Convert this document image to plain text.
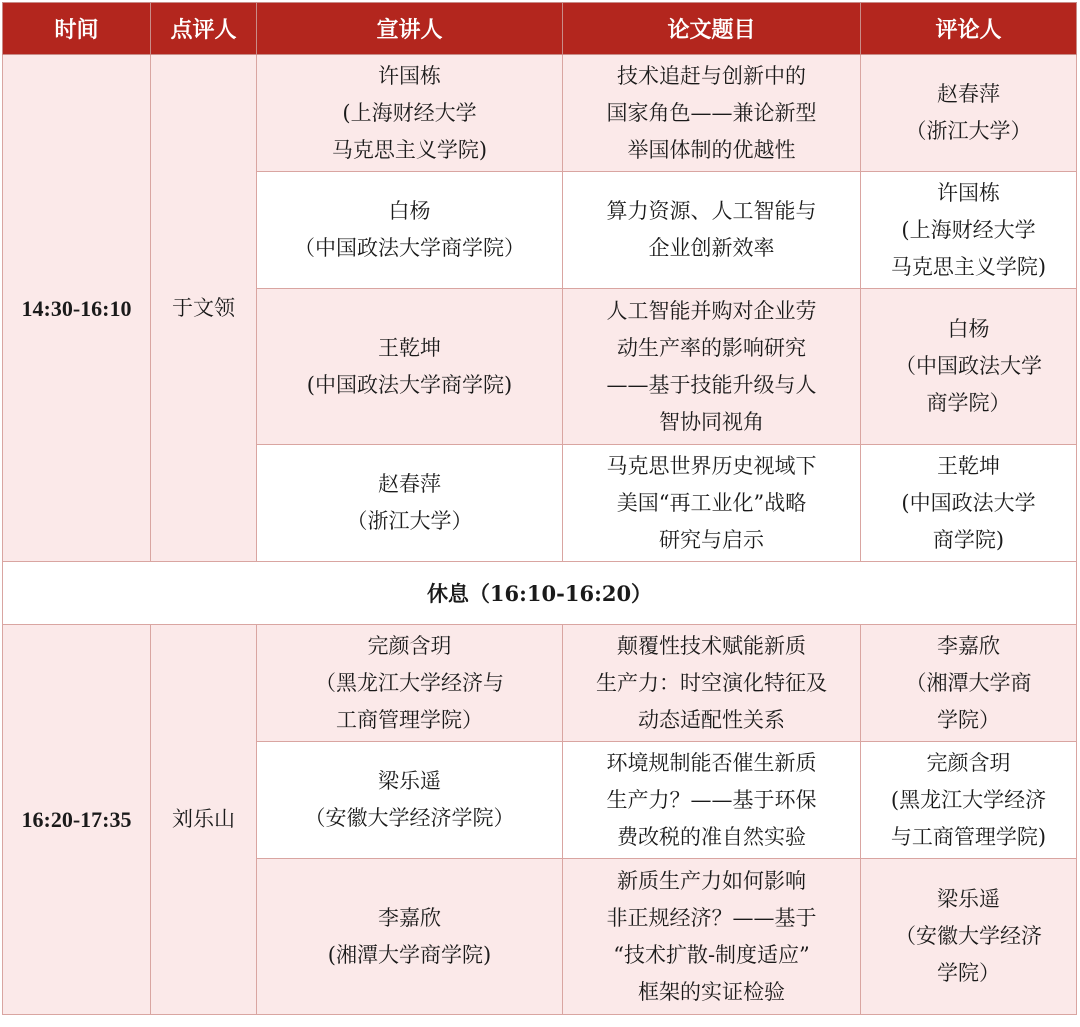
时间	点评人	宣讲人	论文题目	评论人
14:30-16:10	于文领	许国栋
(上海财经大学
马克思主义学院)	技术追赶与创新中的
国家角色——兼论新型
举国体制的优越性	赵春萍
（浙江大学）

		白杨
（中国政法大学商学院）	算力资源、人工智能与
企业创新效率	许国栋
(上海财经大学
马克思主义学院)

		王乾坤
(中国政法大学商学院)	人工智能并购对企业劳
动生产率的影响研究
——基于技能升级与人
智协同视角	白杨
（中国政法大学
商学院）

		赵春萍
（浙江大学）	马克思世界历史视域下
美国“再工业化”战略
研究与启示	王乾坤
(中国政法大学
商学院)

休息（16:10-16:20）				
16:20-17:35	刘乐山	完颜含玥
（黑龙江大学经济与
工商管理学院）	颠覆性技术赋能新质
生产力：时空演化特征及
动态适配性关系	李嘉欣
（湘潭大学商
学院）

		梁乐遥
（安徽大学经济学院）	环境规制能否催生新质
生产力？——基于环保
费改税的准自然实验	完颜含玥
(黑龙江大学经济
与工商管理学院)

		李嘉欣
(湘潭大学商学院)	新质生产力如何影响
非正规经济？——基于
“技术扩散-制度适应”
框架的实证检验	梁乐遥
（安徽大学经济
学院）
